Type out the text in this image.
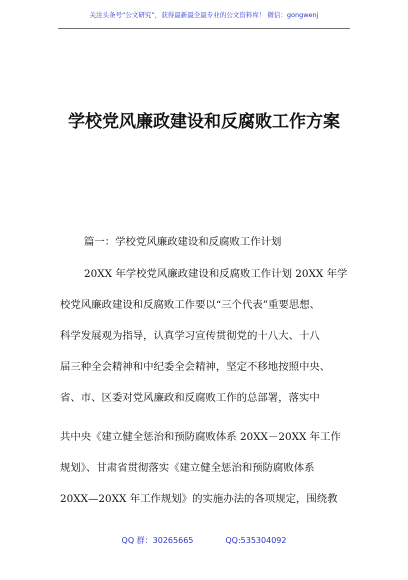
关注头条号“公文研究”，获得最新最全最专业的公文资料库！ 微信：gongwenj
学校党风廉政建设和反腐败工作方案
篇一：学校党风廉政建设和反腐败工作计划
20XX 年学校党风廉政建设和反腐败工作计划 20XX 年学
校党风廉政建设和反腐败工作要以“三个代表”重要思想、
科学发展观为指导，认真学习宣传贯彻党的十八大、十八
届三种全会精神和中纪委全会精神，坚定不移地按照中央、
省、市、区委对党风廉政和反腐败工作的总部署，落实中
共中央《建立健全惩治和预防腐败体系 20XX－20XX 年工作
规划》、甘肃省贯彻落实《建立健全惩治和预防腐败体系
20XX—20XX 年工作规划》的实施办法的各项规定，围绕教
QQ 群：30265665	QQ:535304092
